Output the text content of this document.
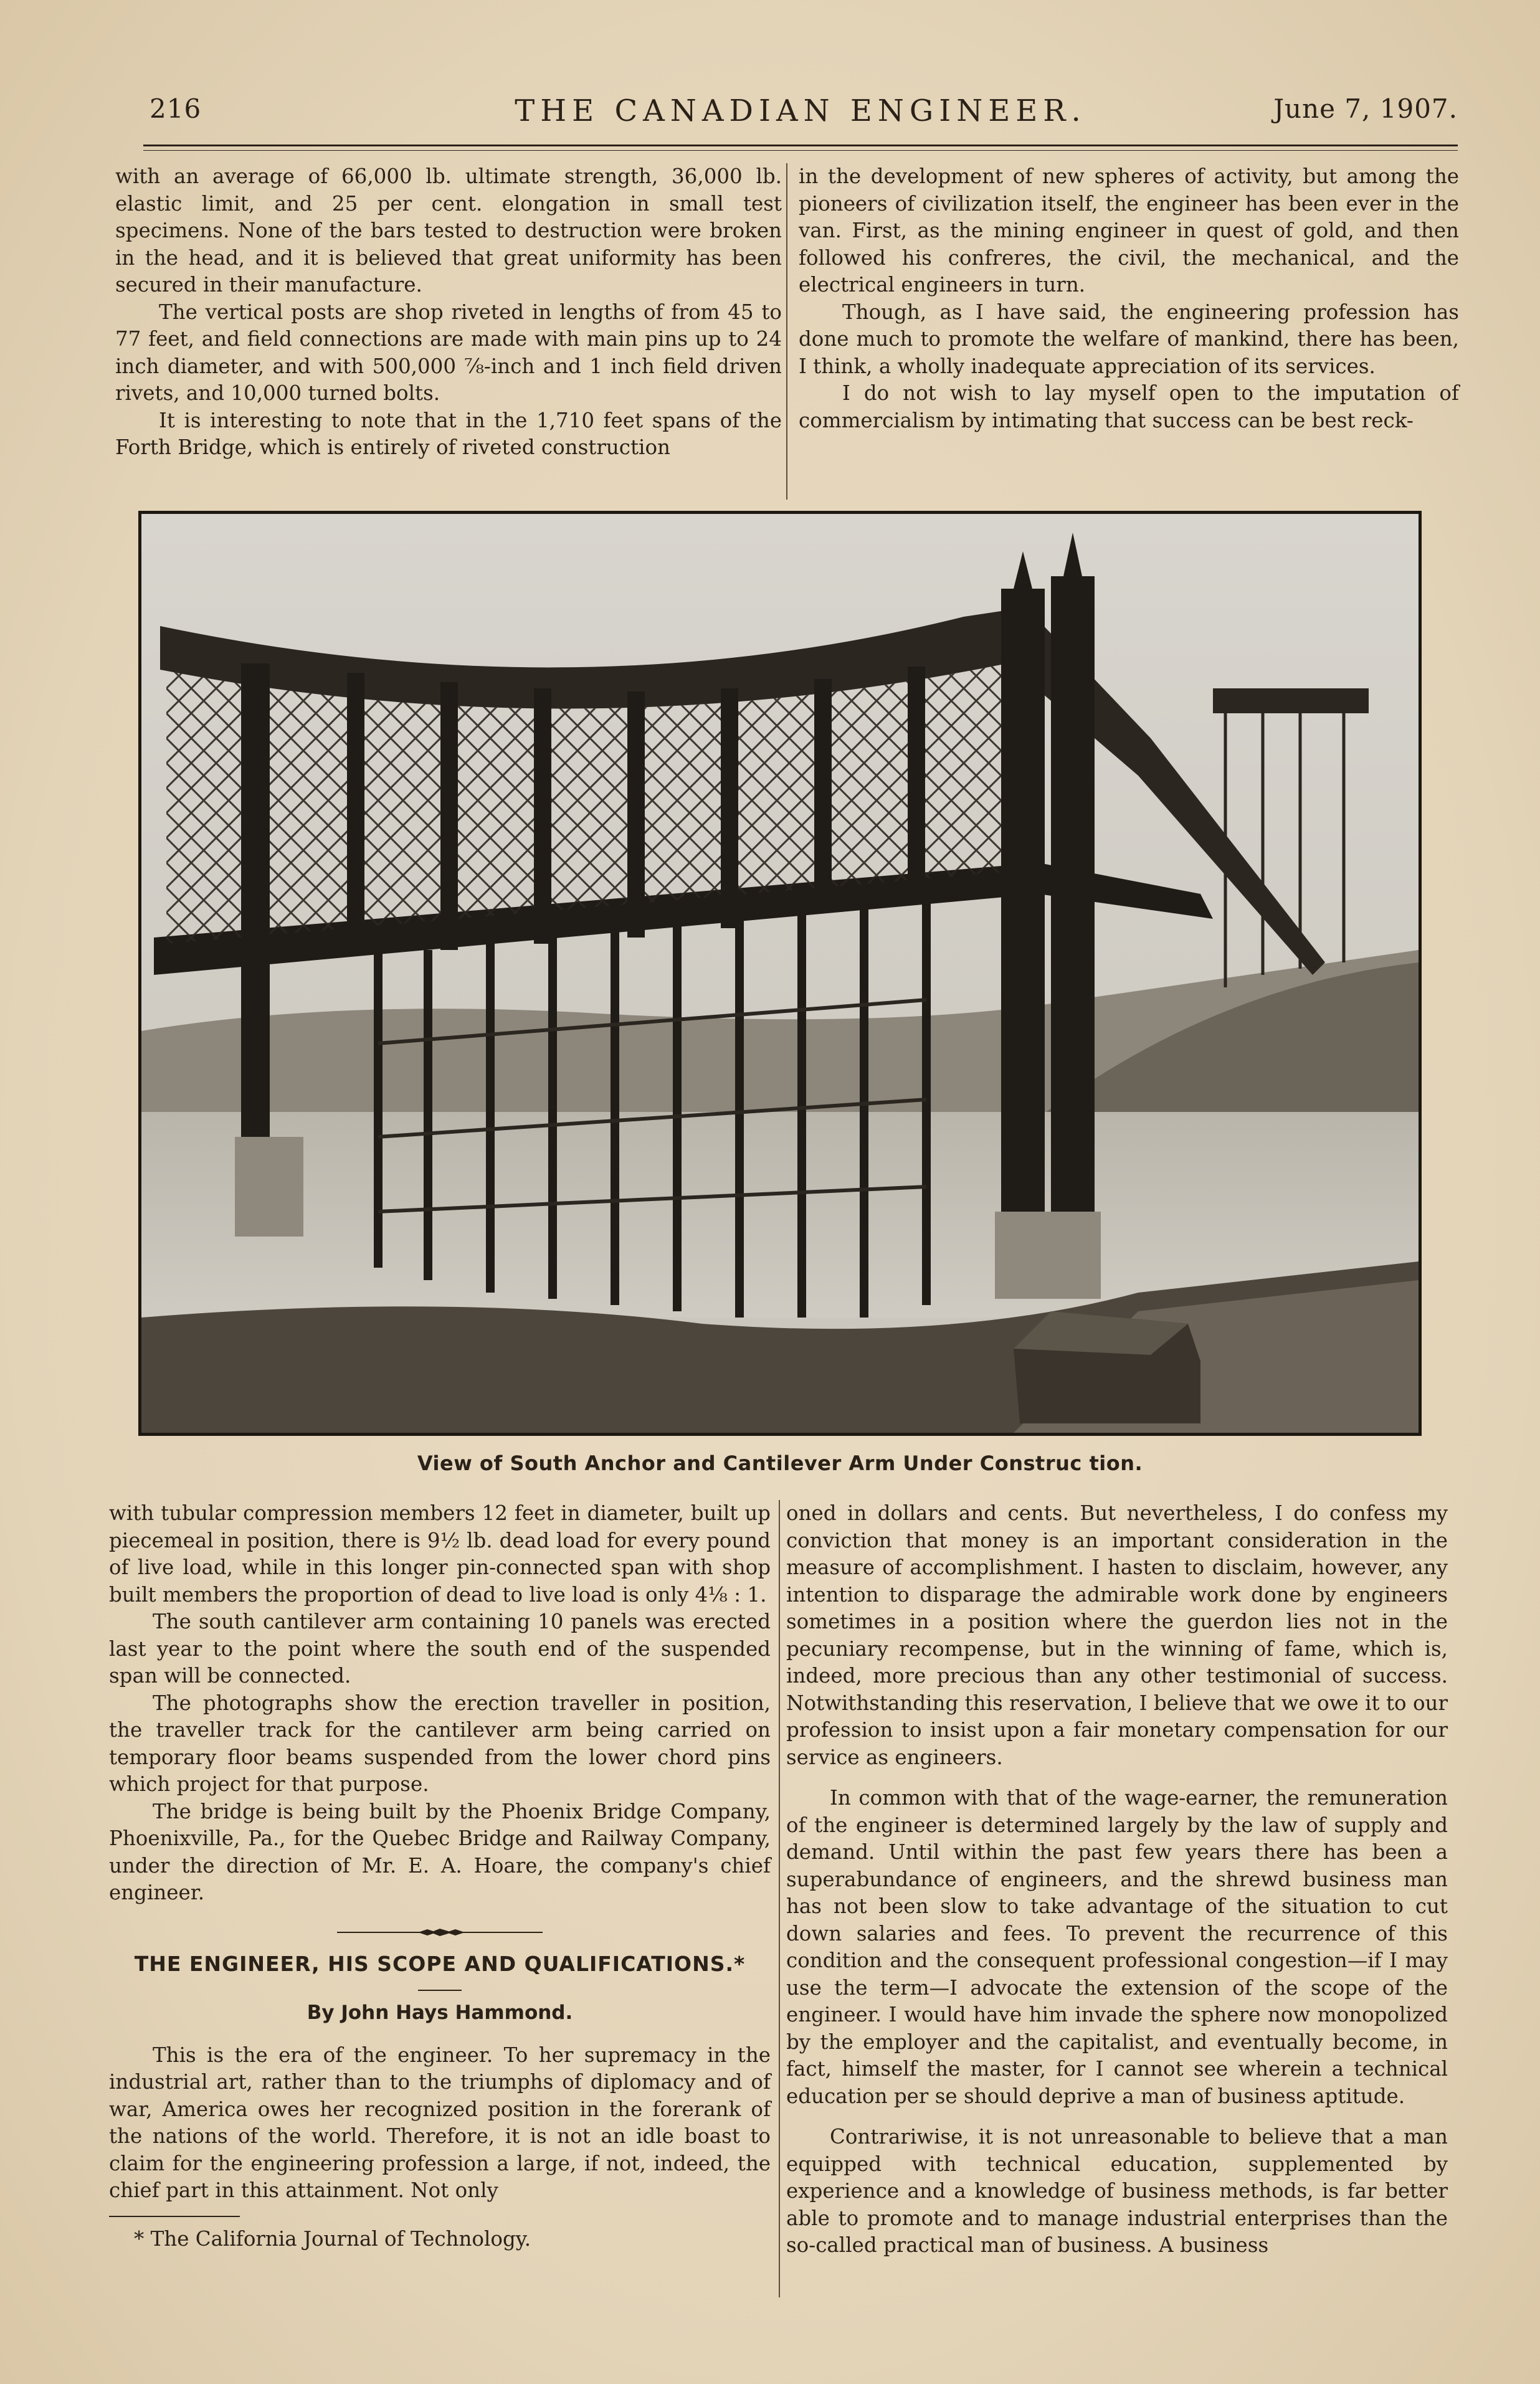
216	THE CANADIAN ENGINEER.	June 7, 1907.

with an average of 66,000 lb. ultimate strength, 36,000 lb. elastic limit, and 25 per cent. elongation in small test specimens. None of the bars tested to destruction were broken in the head, and it is believed that great uniformity has been secured in their manufacture.

The vertical posts are shop riveted in lengths of from 45 to 77 feet, and field connections are made with main pins up to 24 inch diameter, and with 500,000 ⅞-inch and 1 inch field driven rivets, and 10,000 turned bolts.

It is interesting to note that in the 1,710 feet spans of the Forth Bridge, which is entirely of riveted construction

in the development of new spheres of activity, but among the pioneers of civilization itself, the engineer has been ever in the van. First, as the mining engineer in quest of gold, and then followed his confreres, the civil, the mechanical, and the electrical engineers in turn.

Though, as I have said, the engineering profession has done much to promote the welfare of mankind, there has been, I think, a wholly inadequate appreciation of its services.

I do not wish to lay myself open to the imputation of commercialism by intimating that success can be best reck-

View of South Anchor and Cantilever Arm Under Construc tion.

with tubular compression members 12 feet in diameter, built up piecemeal in position, there is 9½ lb. dead load for every pound of live load, while in this longer pin-connected span with shop built members the proportion of dead to live load is only 4⅛ : 1.

The south cantilever arm containing 10 panels was erected last year to the point where the south end of the suspended span will be connected.

The photographs show the erection traveller in position, the traveller track for the cantilever arm being carried on temporary floor beams suspended from the lower chord pins which project for that purpose.

The bridge is being built by the Phoenix Bridge Company, Phoenixville, Pa., for the Quebec Bridge and Railway Company, under the direction of Mr. E. A. Hoare, the company's chief engineer.

THE ENGINEER, HIS SCOPE AND QUALIFICATIONS.*
By John Hays Hammond.

This is the era of the engineer. To her supremacy in the industrial art, rather than to the triumphs of diplomacy and of war, America owes her recognized position in the forerank of the nations of the world. Therefore, it is not an idle boast to claim for the engineering profession a large, if not, indeed, the chief part in this attainment. Not only

* The California Journal of Technology.

oned in dollars and cents. But nevertheless, I do confess my conviction that money is an important consideration in the measure of accomplishment. I hasten to disclaim, however, any intention to disparage the admirable work done by engineers sometimes in a position where the guerdon lies not in the pecuniary recompense, but in the winning of fame, which is, indeed, more precious than any other testimonial of success. Notwithstanding this reservation, I believe that we owe it to our profession to insist upon a fair monetary compensation for our service as engineers.

In common with that of the wage-earner, the remuneration of the engineer is determined largely by the law of supply and demand. Until within the past few years there has been a superabundance of engineers, and the shrewd business man has not been slow to take advantage of the situation to cut down salaries and fees. To prevent the recurrence of this condition and the consequent professional congestion—if I may use the term—I advocate the extension of the scope of the engineer. I would have him invade the sphere now monopolized by the employer and the capitalist, and eventually become, in fact, himself the master, for I cannot see wherein a technical education per se should deprive a man of business aptitude.

Contrariwise, it is not unreasonable to believe that a man equipped with technical education, supplemented by experience and a knowledge of business methods, is far better able to promote and to manage industrial enterprises than the so-called practical man of business. A business
